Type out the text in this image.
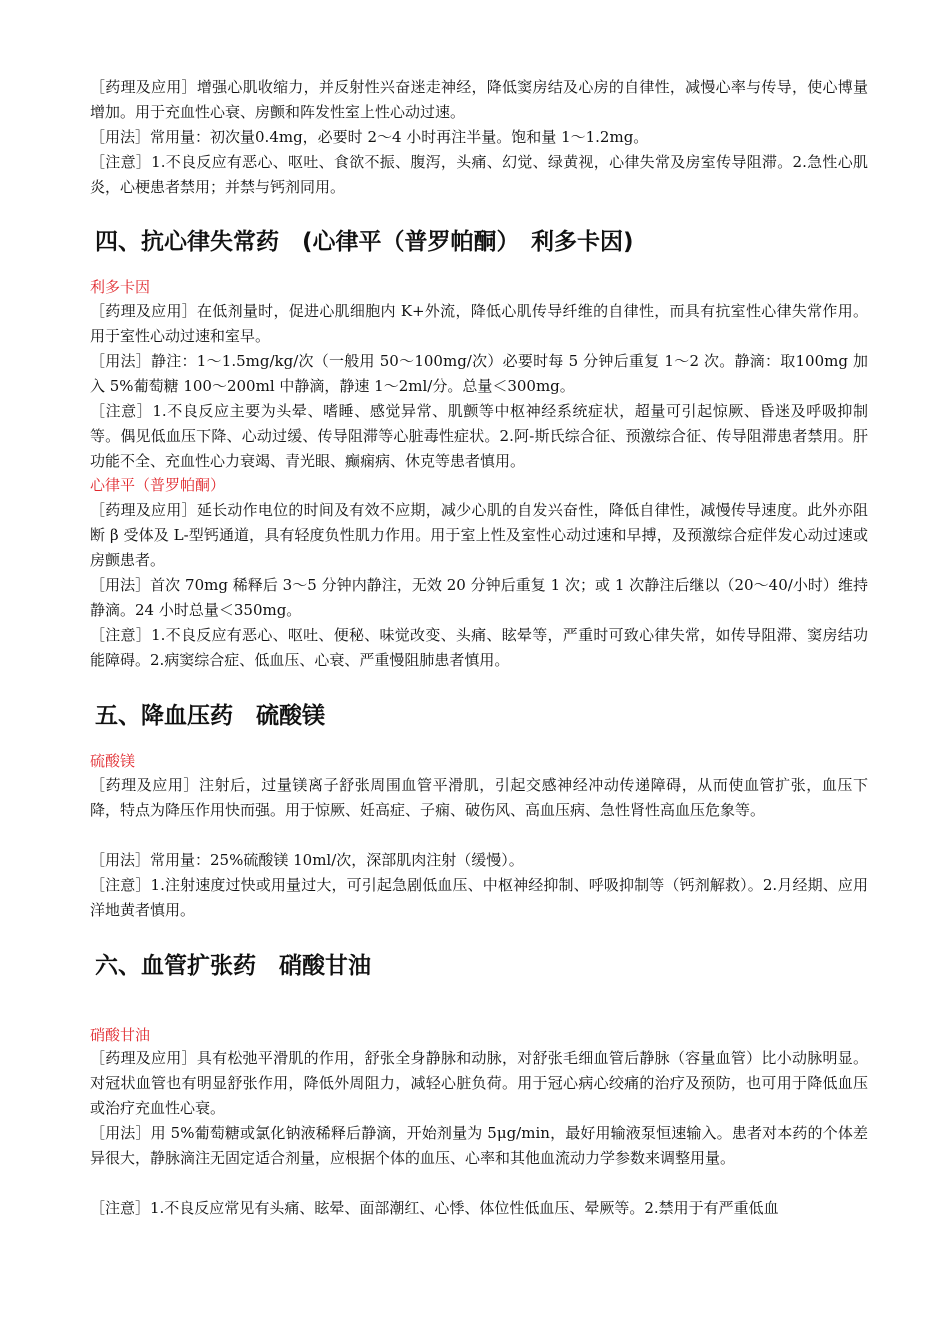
［药理及应用］增强心肌收缩力，并反射性兴奋迷走神经，降低窦房结及心房的自律性，减慢心率与传导，使心博量增加。用于充血性心衰、房颤和阵发性室上性心动过速。

［用法］常用量：初次量0.4mg，必要时 2～4 小时再注半量。饱和量 1～1.2mg。

［注意］1.不良反应有恶心、呕吐、食欲不振、腹泻，头痛、幻觉、绿黄视，心律失常及房室传导阻滞。2.急性心肌炎，心梗患者禁用；并禁与钙剂同用。

四、抗心律失常药　(心律平（普罗帕酮）　利多卡因)

利多卡因

［药理及应用］在低剂量时，促进心肌细胞内 K+外流，降低心肌传导纤维的自律性，而具有抗室性心律失常作用。用于室性心动过速和室早。

［用法］静注：1～1.5mg/kg/次（一般用 50～100mg/次）必要时每 5 分钟后重复 1～2 次。静滴：取100mg 加入 5%葡萄糖 100～200ml 中静滴，静速 1～2ml/分。总量＜300mg。

［注意］1.不良反应主要为头晕、嗜睡、感觉异常、肌颤等中枢神经系统症状，超量可引起惊厥、昏迷及呼吸抑制等。偶见低血压下降、心动过缓、传导阻滞等心脏毒性症状。2.阿-斯氏综合征、预激综合征、传导阻滞患者禁用。肝功能不全、充血性心力衰竭、青光眼、癫痫病、休克等患者慎用。

心律平（普罗帕酮）

［药理及应用］延长动作电位的时间及有效不应期，减少心肌的自发兴奋性，降低自律性，减慢传导速度。此外亦阻断 β 受体及 L-型钙通道，具有轻度负性肌力作用。用于室上性及室性心动过速和早搏，及预激综合症伴发心动过速或房颤患者。

［用法］首次 70mg 稀释后 3～5 分钟内静注，无效 20 分钟后重复 1 次；或 1 次静注后继以（20～40/小时）维持静滴。24 小时总量＜350mg。

［注意］1.不良反应有恶心、呕吐、便秘、味觉改变、头痛、眩晕等，严重时可致心律失常，如传导阻滞、窦房结功能障碍。2.病窦综合症、低血压、心衰、严重慢阻肺患者慎用。

五、降血压药　硫酸镁

硫酸镁

［药理及应用］注射后，过量镁离子舒张周围血管平滑肌，引起交感神经冲动传递障碍，从而使血管扩张，血压下降，特点为降压作用快而强。用于惊厥、妊高症、子痫、破伤风、高血压病、急性肾性高血压危象等。

［用法］常用量：25%硫酸镁 10ml/次，深部肌肉注射（缓慢）。

［注意］1.注射速度过快或用量过大，可引起急剧低血压、中枢神经抑制、呼吸抑制等（钙剂解救）。2.月经期、应用洋地黄者慎用。

六、血管扩张药　硝酸甘油

硝酸甘油

［药理及应用］具有松弛平滑肌的作用，舒张全身静脉和动脉，对舒张毛细血管后静脉（容量血管）比小动脉明显。对冠状血管也有明显舒张作用，降低外周阻力，减轻心脏负荷。用于冠心病心绞痛的治疗及预防，也可用于降低血压或治疗充血性心衰。

［用法］用 5%葡萄糖或氯化钠液稀释后静滴，开始剂量为 5μg/min，最好用输液泵恒速输入。患者对本药的个体差异很大，静脉滴注无固定适合剂量，应根据个体的血压、心率和其他血流动力学参数来调整用量。

［注意］1.不良反应常见有头痛、眩晕、面部潮红、心悸、体位性低血压、晕厥等。2.禁用于有严重低血
